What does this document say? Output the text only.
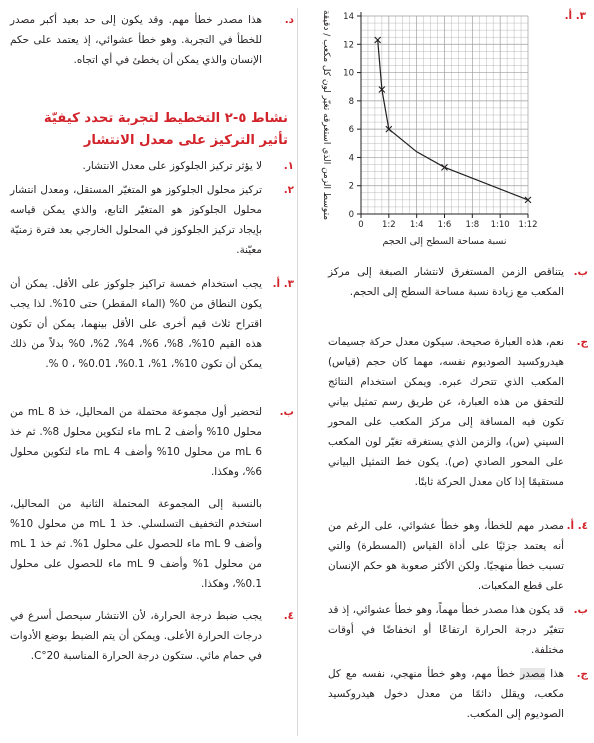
د.
هذا مصدر خطأ مهم. وقد يكون إلى حد بعيد أكبر مصدر للخطأ في التجربة. وهو خطأ عشوائي، إذ يعتمد على حكم الإنسان والذي يمكن أن يخطئ في أي اتجاه.
نشاط ٥-٢ التخطيط لتجربة تحدد كيفيّة تأثير التركيز على معدل الانتشار
١.
لا يؤثر تركيز الجلوكوز على معدل الانتشار.
٢.
تركيز محلول الجلوكوز هو المتغيّر المستقل، ومعدل انتشار محلول الجلوكوز هو المتغيّر التابع، والذي يمكن قياسه بإيجاد تركيز الجلوكوز في المحلول الخارجي بعد فترة زمنيّة معيّنة.
٣. أ.
يجب استخدام خمسة تراكيز جلوكوز على الأقل. يمكن أن يكون النطاق من 0% (الماء المقطر) حتى 10%. لذا يجب اقتراح ثلاث قيم أخرى على الأقل بينهما، يمكن أن تكون هذه القيم 10%، 8%، 6%، 4%، 2%، 0% بدلاً من ذلك يمكن أن تكون 10%، 1%، 0.1%، 0.01% ، 0 %.
ب.
لتحضير أول مجموعة محتملة من المحاليل، خذ 8 mL من محلول 10% وأضف 2 mL ماء لتكوين محلول 8%. ثم خذ 6 mL من محلول 10% وأضف 4 mL ماء لتكوين محلول 6%، وهكذا.
بالنسبة إلى المجموعة المحتملة الثانية من المحاليل، استخدم التخفيف التسلسلي. خذ 1 mL من محلول 10% وأضف 9 mL ماء للحصول على محلول 1%. ثم خذ 1 mL من محلول 1% وأضف 9 mL ماء للحصول على محلول 0.1%، وهكذا.
٤.
يجب ضبط درجة الحرارة، لأن الانتشار سيحصل أسرع في درجات الحرارة الأعلى. ويمكن أن يتم الضبط بوضع الأدوات في حمام مائي. ستكون درجة الحرارة المناسبة 20°C.
٣. أ.
ب.
يتناقص الزمن المستغرق لانتشار الصبغة إلى مركز المكعب مع زيادة نسبة مساحة السطح إلى الحجم.
ج.
نعم، هذه العبارة صحيحة. سيكون معدل حركة جسيمات هيدروكسيد الصوديوم نفسه، مهما كان حجم (قياس) المكعب الذي تتحرك عبره. ويمكن استخدام النتائج للتحقق من هذه العبارة، عن طريق رسم تمثيل بياني تكون فيه المسافة إلى مركز المكعب على المحور السيني (س)، والزمن الذي يستغرقه تغيّر لون المكعب على المحور الصادي (ص). يكون خط التمثيل البياني مستقيمًا إذا كان معدل الحركة ثابتًا.
٤. أ.
مصدر مهم للخطأ، وهو خطأ عشوائي، على الرغم من أنه يعتمد جزئيًا على أداة القياس (المسطرة) والتي تسبب خطأ منهجيًا. ولكن الأكثر صعوبة هو حكم الإنسان على قطع المكعبات.
ب.
قد يكون هذا مصدر خطأ مهماً، وهو خطأ عشوائي، إذ قد تتغيّر درجة الحرارة ارتفاعًا أو انخفاضًا في أوقات مختلفة.
ج.
هذا مصدر خطأ مهم، وهو خطأ منهجي، نفسه مع كل مكعب، ويقلل دائمًا من معدل دخول هيدروكسيد الصوديوم إلى المكعب.
0
2
4
6
8
10
12
14
0 1:2 1:4 1:6 1:8 1:10 1:12
نسبة مساحة السطح إلى الحجم
متوسط الزمن الذي استغرقه تغيّر لون كل مكعب / دقيقة
